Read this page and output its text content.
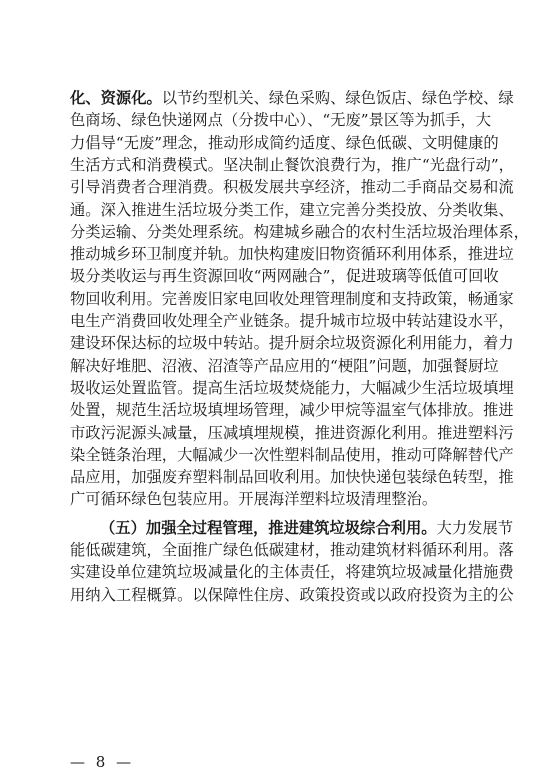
化、资源化。以节约型机关、绿色采购、绿色饭店、绿色学校、绿
色商场、绿色快递网点（分拨中心）、“无废”景区等为抓手，大
力倡导“无废”理念，推动形成简约适度、绿色低碳、文明健康的
生活方式和消费模式。坚决制止餐饮浪费行为，推广“光盘行动”，
引导消费者合理消费。积极发展共享经济，推动二手商品交易和流
通。深入推进生活垃圾分类工作，建立完善分类投放、分类收集、
分类运输、分类处理系统。构建城乡融合的农村生活垃圾治理体系，
推动城乡环卫制度并轨。加快构建废旧物资循环利用体系，推进垃
圾分类收运与再生资源回收“两网融合”，促进玻璃等低值可回收
物回收利用。完善废旧家电回收处理管理制度和支持政策，畅通家
电生产消费回收处理全产业链条。提升城市垃圾中转站建设水平，
建设环保达标的垃圾中转站。提升厨余垃圾资源化利用能力，着力
解决好堆肥、沼液、沼渣等产品应用的“梗阻”问题，加强餐厨垃
圾收运处置监管。提高生活垃圾焚烧能力，大幅减少生活垃圾填埋
处置，规范生活垃圾填埋场管理，减少甲烷等温室气体排放。推进
市政污泥源头减量，压减填埋规模，推进资源化利用。推进塑料污
染全链条治理，大幅减少一次性塑料制品使用，推动可降解替代产
品应用，加强废弃塑料制品回收利用。加快快递包装绿色转型，推
广可循环绿色包装应用。开展海洋塑料垃圾清理整治。
（五）加强全过程管理，推进建筑垃圾综合利用。大力发展节
能低碳建筑，全面推广绿色低碳建材，推动建筑材料循环利用。落
实建设单位建筑垃圾减量化的主体责任，将建筑垃圾减量化措施费
用纳入工程概算。以保障性住房、政策投资或以政府投资为主的公
— 8 —
